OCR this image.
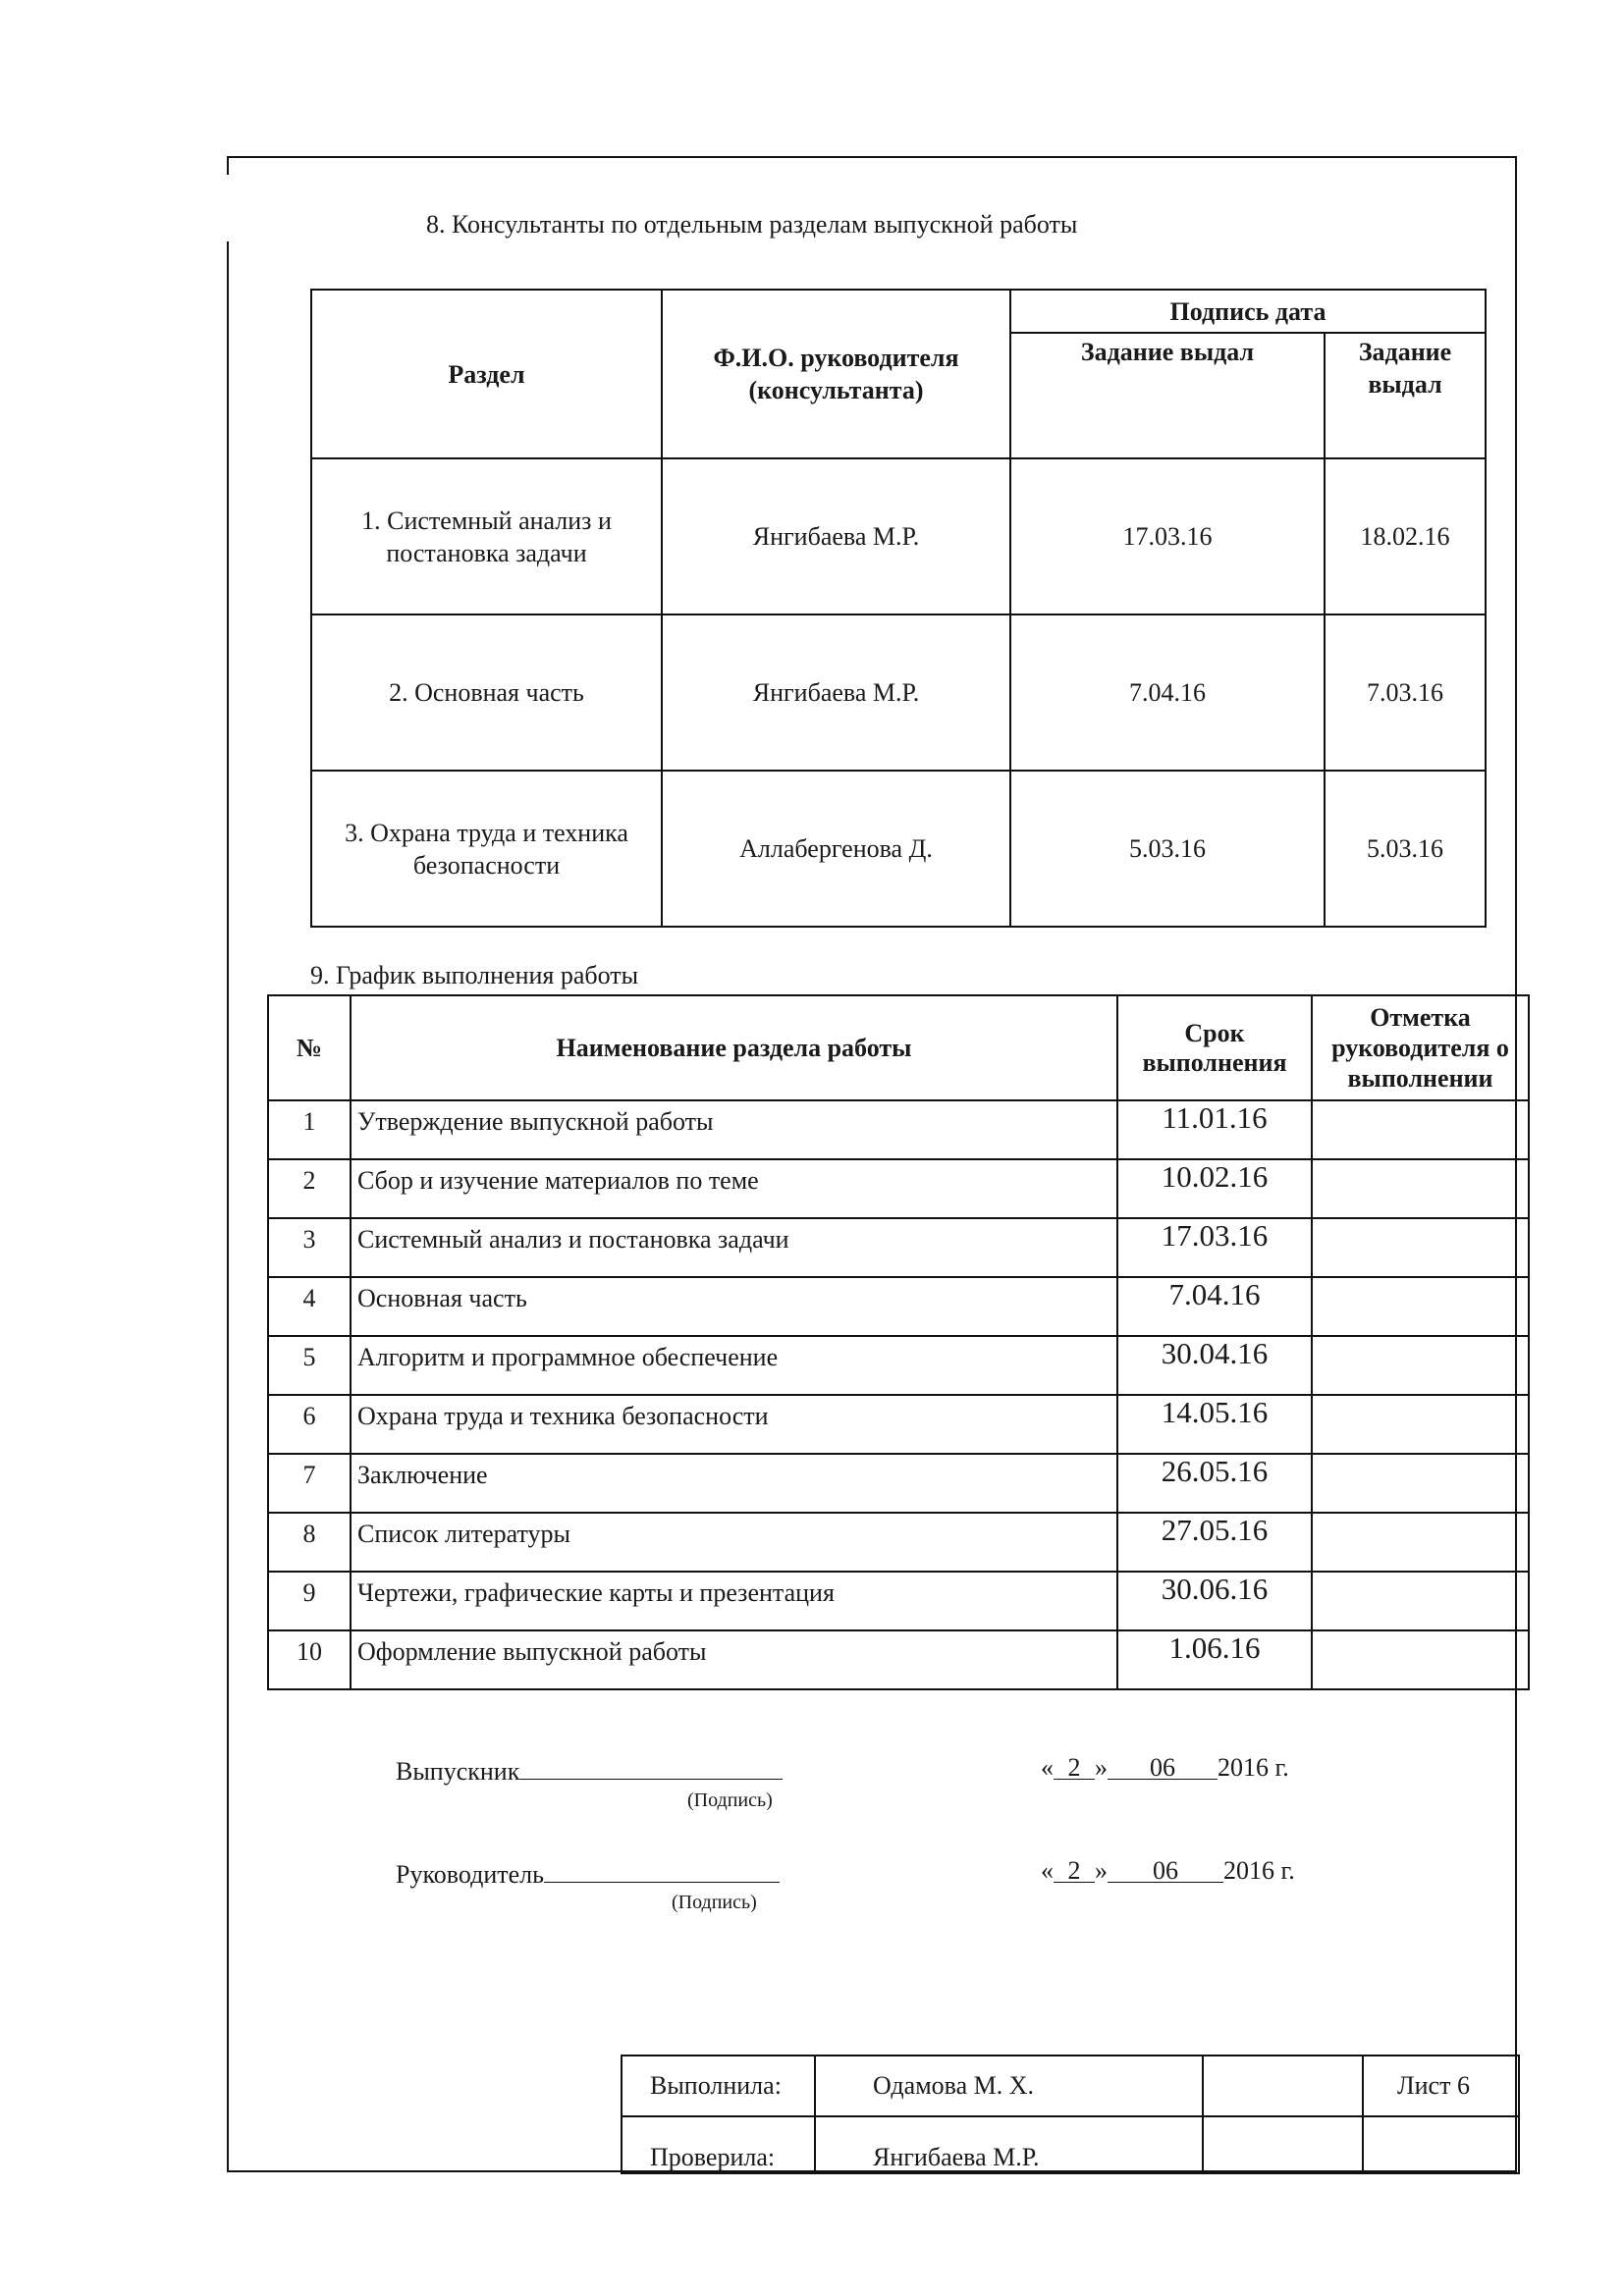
8. Консультанты по отдельным разделам выпускной работы
Раздел	Ф.И.О. руководителя (консультанта)	Подпись дата	
		Задание выдал	Задание выдал
1. Системный анализ и постановка задачи	Янгибаева М.Р.	17.03.16	18.02.16
2. Основная часть	Янгибаева М.Р.	7.04.16	7.03.16
3. Охрана труда и техника безопасности	Аллабергенова Д.	5.03.16	5.03.16
9. График выполнения работы
№	Наименование раздела работы	Срок выполнения	Отметка руководителя о выполнении
1	Утверждение выпускной работы	11.01.16	
2	Сбор и изучение материалов по теме	10.02.16	
3	Системный анализ и постановка задачи	17.03.16	
4	Основная часть	7.04.16	
5	Алгоритм и программное обеспечение	30.04.16	
6	Охрана труда и техника безопасности	14.05.16	
7	Заключение	26.05.16	
8	Список литературы	27.05.16	
9	Чертежи, графические карты и презентация	30.06.16	
10	Оформление выпускной работы	1.06.16	
Выпускник
(Подпись)
« 2 » 06 2016 г.
Руководитель
(Подпись)
« 2 » 06 2016 г.
Выполнила:	Одамова М. Х.		Лист 6
Проверила:	Янгибаева М.Р.		
